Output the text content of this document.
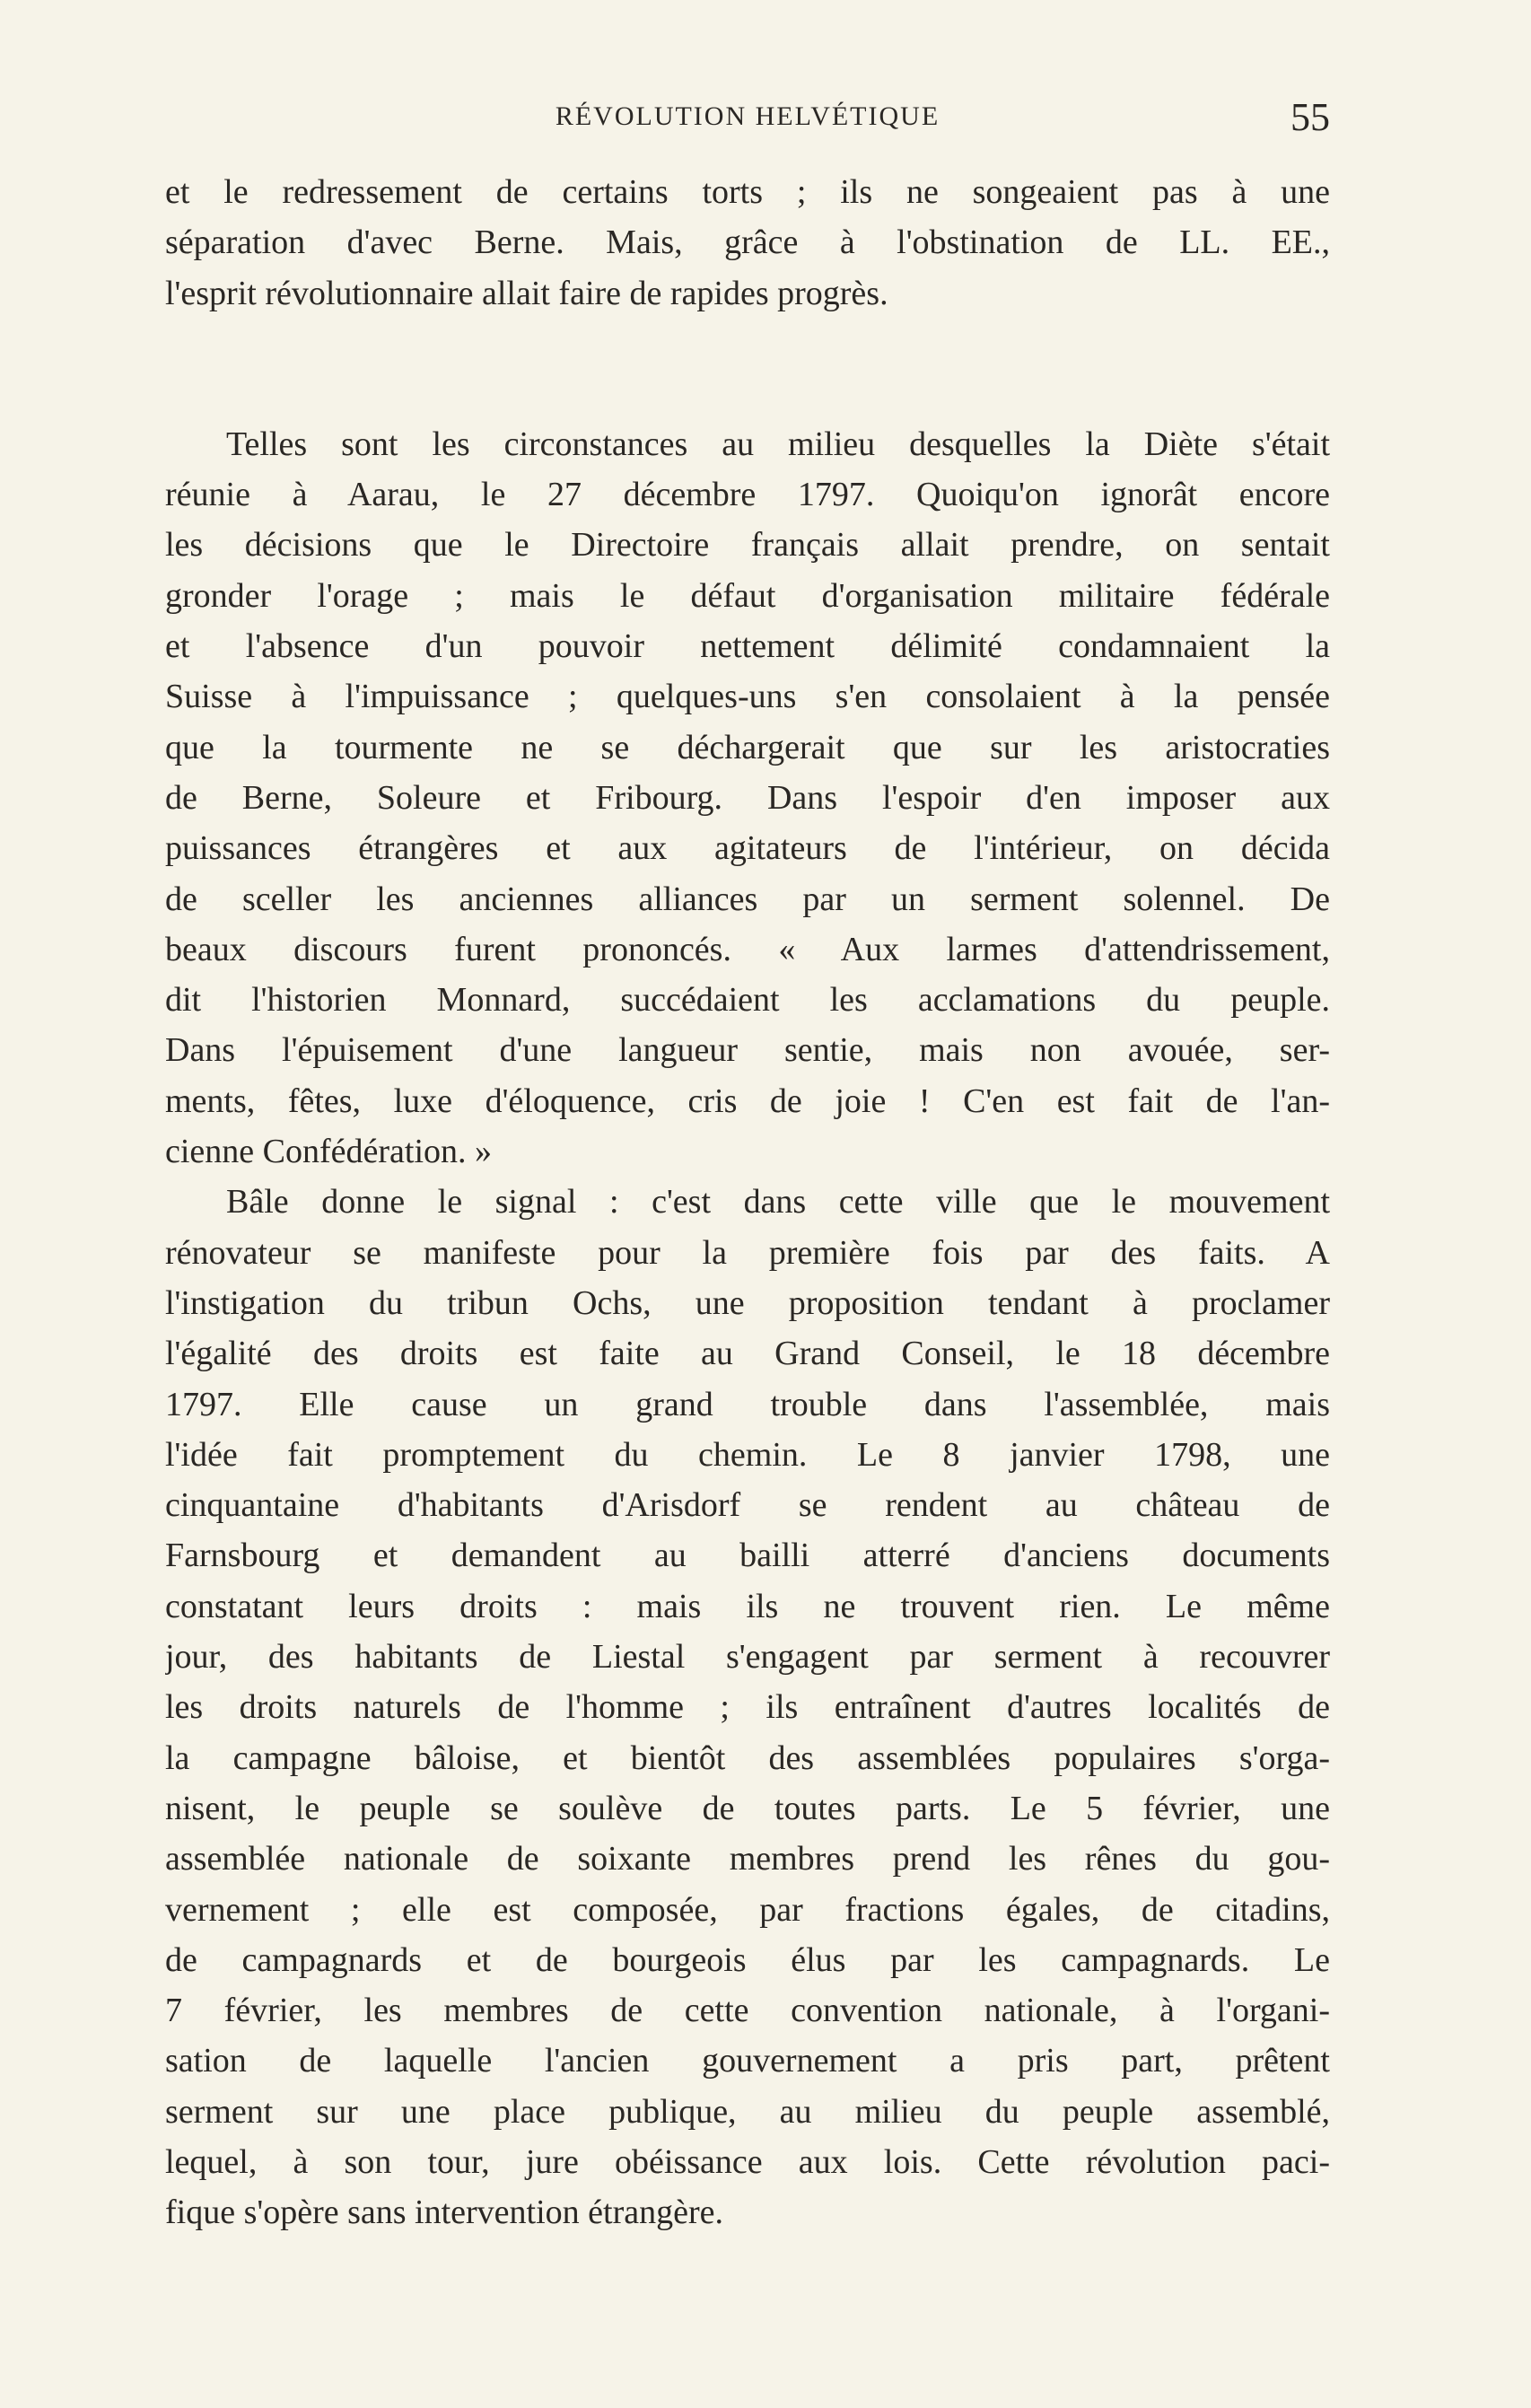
RÉVOLUTION HELVÉTIQUE	55
et le redressement de certains torts ; ils ne songeaient pas à une
séparation d'avec Berne. Mais, grâce à l'obstination de LL. EE.,
l'esprit révolutionnaire allait faire de rapides progrès.
Telles sont les circonstances au milieu desquelles la Diète s'était
réunie à Aarau, le 27 décembre 1797. Quoiqu'on ignorât encore
les décisions que le Directoire français allait prendre, on sentait
gronder l'orage ; mais le défaut d'organisation militaire fédérale
et l'absence d'un pouvoir nettement délimité condamnaient la
Suisse à l'impuissance ; quelques-uns s'en consolaient à la pensée
que la tourmente ne se déchargerait que sur les aristocraties
de Berne, Soleure et Fribourg. Dans l'espoir d'en imposer aux
puissances étrangères et aux agitateurs de l'intérieur, on décida
de sceller les anciennes alliances par un serment solennel. De
beaux discours furent prononcés. « Aux larmes d'attendrissement,
dit l'historien Monnard, succédaient les acclamations du peuple.
Dans l'épuisement d'une langueur sentie, mais non avouée, ser-
ments, fêtes, luxe d'éloquence, cris de joie ! C'en est fait de l'an-
cienne Confédération. »
Bâle donne le signal : c'est dans cette ville que le mouvement
rénovateur se manifeste pour la première fois par des faits. A
l'instigation du tribun Ochs, une proposition tendant à proclamer
l'égalité des droits est faite au Grand Conseil, le 18 décembre
1797. Elle cause un grand trouble dans l'assemblée, mais
l'idée fait promptement du chemin. Le 8 janvier 1798, une
cinquantaine d'habitants d'Arisdorf se rendent au château de
Farnsbourg et demandent au bailli atterré d'anciens documents
constatant leurs droits : mais ils ne trouvent rien. Le même
jour, des habitants de Liestal s'engagent par serment à recouvrer
les droits naturels de l'homme ; ils entraînent d'autres localités de
la campagne bâloise, et bientôt des assemblées populaires s'orga-
nisent, le peuple se soulève de toutes parts. Le 5 février, une
assemblée nationale de soixante membres prend les rênes du gou-
vernement ; elle est composée, par fractions égales, de citadins,
de campagnards et de bourgeois élus par les campagnards. Le
7 février, les membres de cette convention nationale, à l'organi-
sation de laquelle l'ancien gouvernement a pris part, prêtent
serment sur une place publique, au milieu du peuple assemblé,
lequel, à son tour, jure obéissance aux lois. Cette révolution paci-
fique s'opère sans intervention étrangère.
